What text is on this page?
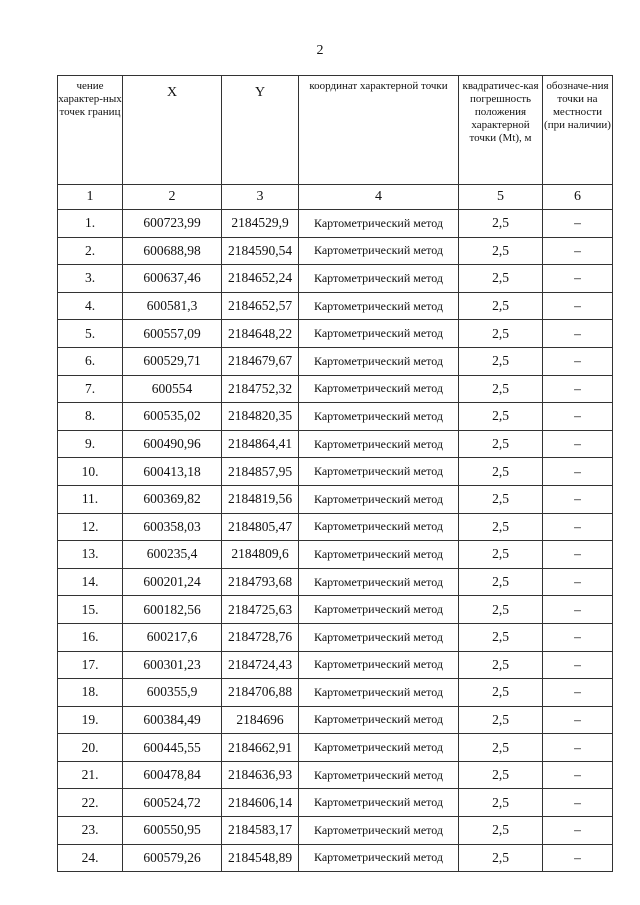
2
чение характер-ных точек границ	X	Y	координат характерной точки	квадратичес-кая погрешность положения характерной точки (Mt), м	обозначе-ния точки на местности (при наличии)
1	2	3	4	5	6
1.	600723,99	2184529,9	Картометрический метод	2,5	–
2.	600688,98	2184590,54	Картометрический метод	2,5	–
3.	600637,46	2184652,24	Картометрический метод	2,5	–
4.	600581,3	2184652,57	Картометрический метод	2,5	–
5.	600557,09	2184648,22	Картометрический метод	2,5	–
6.	600529,71	2184679,67	Картометрический метод	2,5	–
7.	600554	2184752,32	Картометрический метод	2,5	–
8.	600535,02	2184820,35	Картометрический метод	2,5	–
9.	600490,96	2184864,41	Картометрический метод	2,5	–
10.	600413,18	2184857,95	Картометрический метод	2,5	–
11.	600369,82	2184819,56	Картометрический метод	2,5	–
12.	600358,03	2184805,47	Картометрический метод	2,5	–
13.	600235,4	2184809,6	Картометрический метод	2,5	–
14.	600201,24	2184793,68	Картометрический метод	2,5	–
15.	600182,56	2184725,63	Картометрический метод	2,5	–
16.	600217,6	2184728,76	Картометрический метод	2,5	–
17.	600301,23	2184724,43	Картометрический метод	2,5	–
18.	600355,9	2184706,88	Картометрический метод	2,5	–
19.	600384,49	2184696	Картометрический метод	2,5	–
20.	600445,55	2184662,91	Картометрический метод	2,5	–
21.	600478,84	2184636,93	Картометрический метод	2,5	–
22.	600524,72	2184606,14	Картометрический метод	2,5	–
23.	600550,95	2184583,17	Картометрический метод	2,5	–
24.	600579,26	2184548,89	Картометрический метод	2,5	–
